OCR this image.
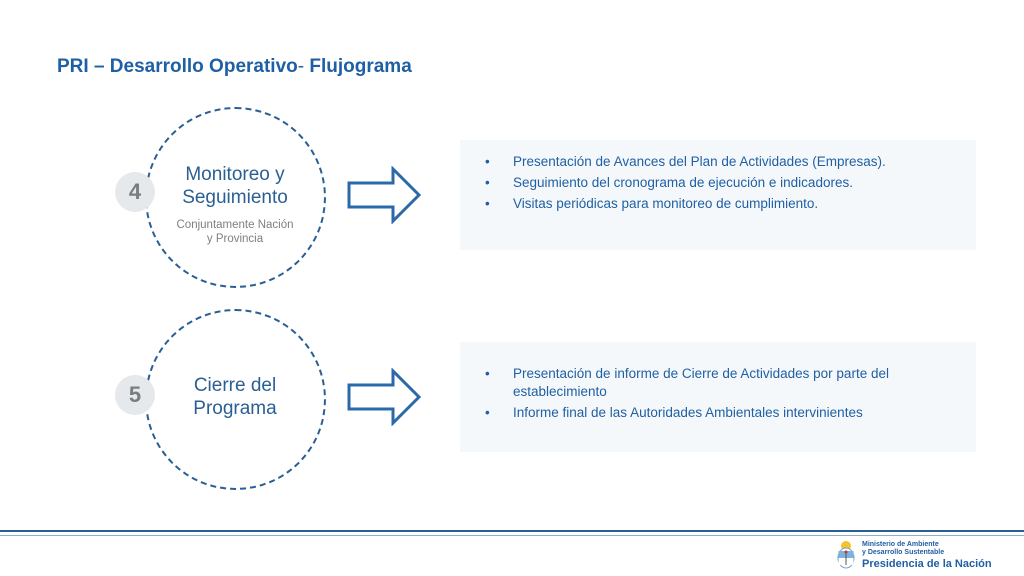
PRI – Desarrollo Operativo- Flujograma
4
Monitoreo y
Seguimiento
Conjuntamente Nación
y Provincia
• Presentación de Avances del Plan de Actividades (Empresas).
• Seguimiento del cronograma de ejecución e indicadores.
• Visitas periódicas para monitoreo de cumplimiento.
5	Cierre del
Programa
• Presentación de informe de Cierre de Actividades por parte del establecimiento
• Informe final de las Autoridades Ambientales intervinientes
Ministerio de Ambiente
y Desarrollo Sustentable
Presidencia de la Nación
